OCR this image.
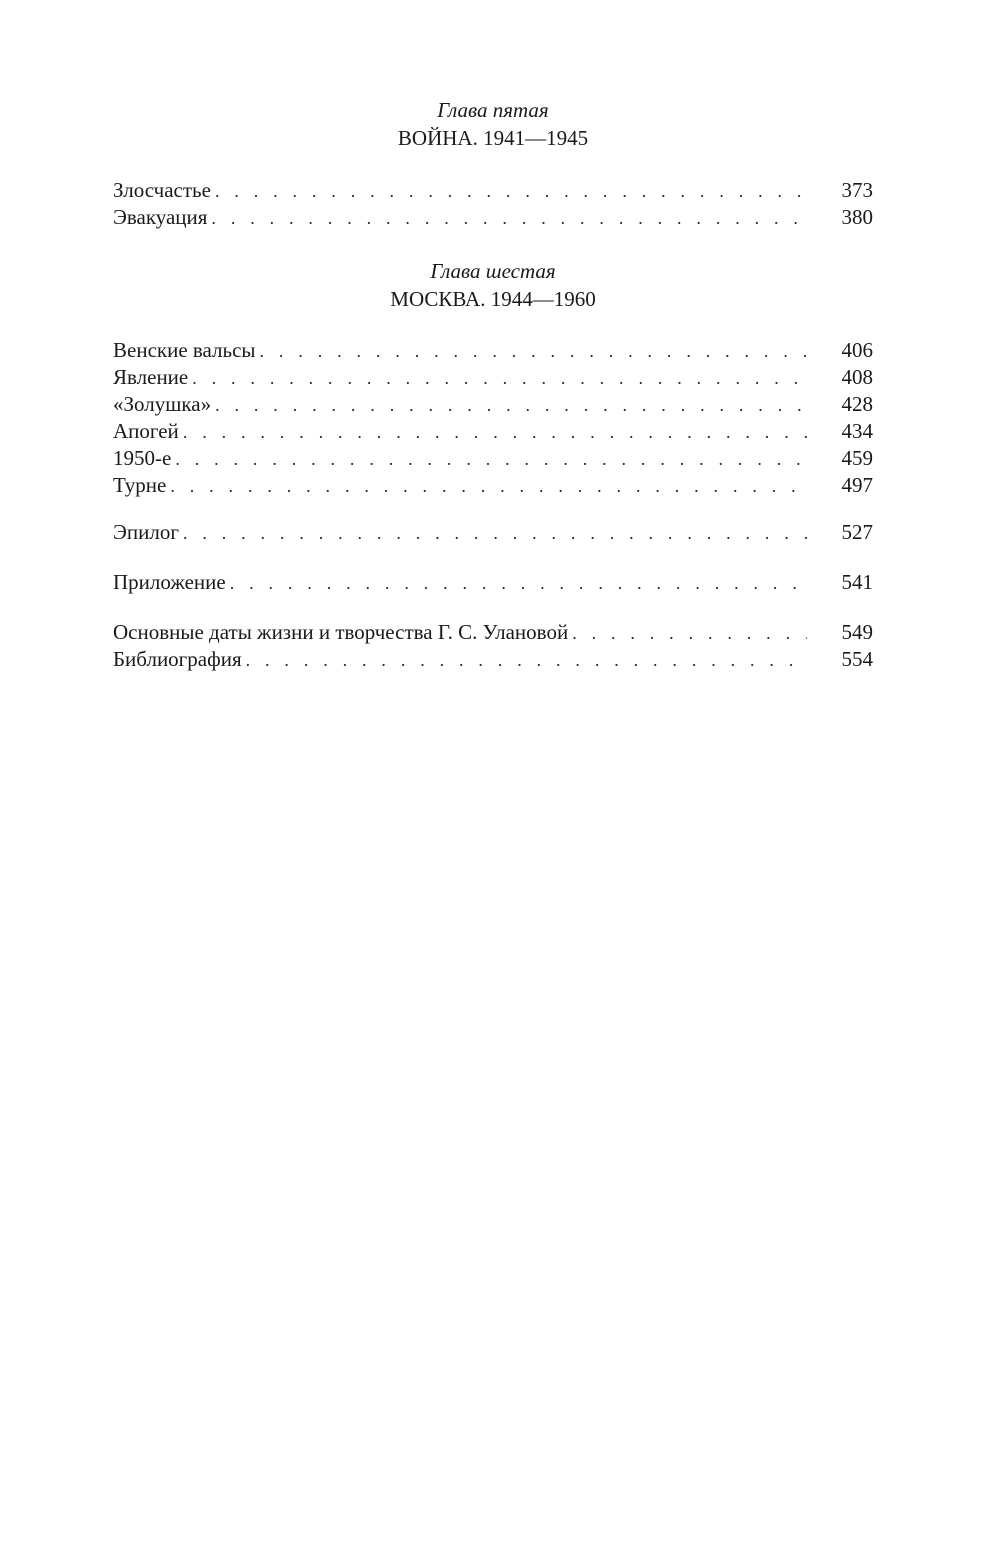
Глава пятая
ВОЙНА. 1941—1945
Злосчастье . . .	373
Эвакуация . . .	380
Глава шестая
МОСКВА. 1944—1960
Венские вальсы . . .	406
Явление . . .	408
«Золушка» . . .	428
Апогей . . .	434
1950-е . . .	459
Турне . . .	497
Эпилог . . .	527
Приложение . . .	541
Основные даты жизни и творчества Г. С. Улановой . . .	549
Библиография . . .	554
